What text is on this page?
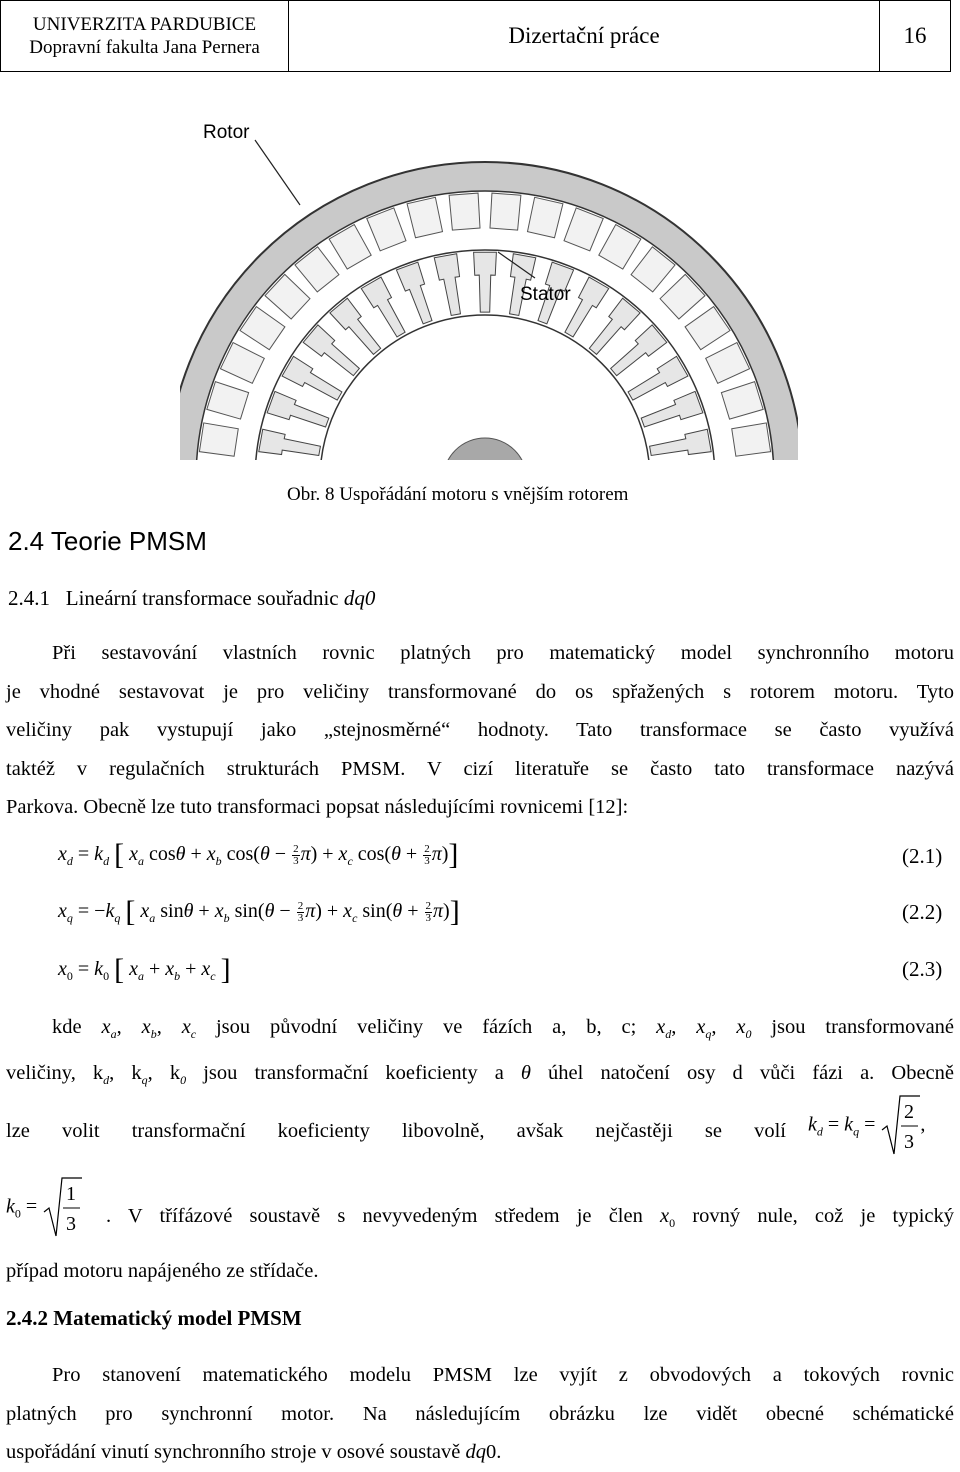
UNIVERZITA PARDUBICE
Dopravní fakulta Jana Pernera	Dizertační práce	16
Rotor
Stator
Obr. 8 Uspořádání motoru s vnějším rotorem
2.4 Teorie PMSM
2.4.1 Lineární transformace souřadnic dq0
Při sestavování vlastních rovnic platných pro matematický model synchronního motoru
je vhodné sestavovat je pro veličiny transformované do os spřažených s rotorem motoru. Tyto
veličiny pak vystupují jako „stejnosměrné“ hodnoty. Tato transformace se často využívá
taktéž v regulačních strukturách PMSM. V cizí literatuře se často tato transformace nazývá
Parkova. Obecně lze tuto transformaci popsat následujícími rovnicemi [12]:
$x_d = k_d$ [ $x_a$ $\cos\theta + x_b$ $\cos(\theta - \frac{2}{3} \pi) + x_c$ $\cos(\theta + \frac{2}{3} \pi)$]	(2.1)
$x_q = -k_q$ [ $x_a$ $\sin\theta + x_b$ $\sin(\theta - \frac{2}{3} \pi) + x_c$ $\sin(\theta + \frac{2}{3} \pi)$]	(2.2)
$x_0 = k_0$ [ $x_a + x_b + x_c$ ]	(2.3)
kde $x_a$, $x_b$, $x_c$ jsou původní veličiny ve fázích a, b, c; $x_d$, $x_q$, $x_0$ jsou transformované
veličiny, $k_d$, $k_q$, $k_0$ jsou transformační koeficienty a θ úhel natočení osy d vůči fázi a. Obecně
lze volit transformační koeficienty libovolně, avšak nejčastěji se volí $k_d = k_q$ =
2
3
,
$k_0$ =
1
3 . V třífázové soustavě s nevyvedeným středem je člen $x_0$ rovný nule, což je typický
případ motoru napájeného ze střídače.
2.4.2 Matematický model PMSM
Pro stanovení matematického modelu PMSM lze vyjít z obvodových a tokových rovnic
platných pro synchronní motor. Na následujícím obrázku lze vidět obecné schématické
uspořádání vinutí synchronního stroje v osové soustavě dq0.
